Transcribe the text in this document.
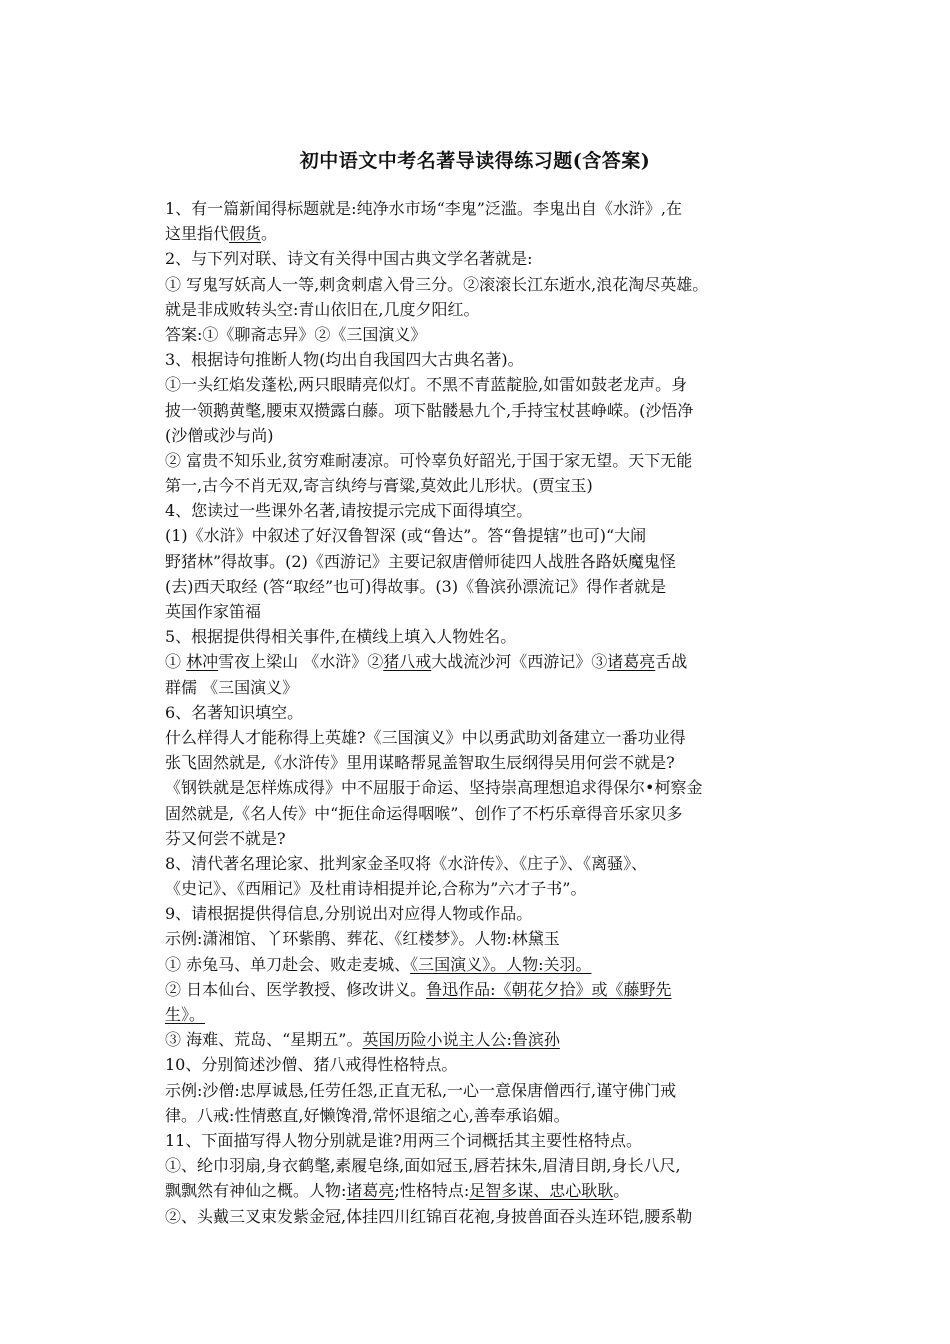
初中语文中考名著导读得练习题(含答案)
1、有一篇新闻得标题就是:纯净水市场“李鬼”泛滥。李鬼出自《水浒》,在
这里指代假货。
2、与下列对联、诗文有关得中国古典文学名著就是:
① 写鬼写妖高人一等,刺贪刺虐入骨三分。②滚滚长江东逝水,浪花淘尽英雄。
就是非成败转头空:青山依旧在,几度夕阳红。
答案:①《聊斋志异》②《三国演义》
3、根据诗句推断人物(均出自我国四大古典名著)。
①一头红焰发蓬松,两只眼睛亮似灯。不黑不青蓝靛脸,如雷如鼓老龙声。身
披一领鹅黄氅,腰束双攒露白藤。项下骷髅悬九个,手持宝杖甚峥嵘。(沙悟净
(沙僧或沙与尚)
② 富贵不知乐业,贫穷难耐凄凉。可怜辜负好韶光,于国于家无望。天下无能
第一,古今不肖无双,寄言纨绔与膏粱,莫效此儿形状。(贾宝玉)
4、您读过一些课外名著,请按提示完成下面得填空。
(1)《水浒》中叙述了好汉鲁智深 (或“鲁达”。答“鲁提辖”也可)“大闹
野猪林”得故事。(2)《西游记》主要记叙唐僧师徒四人战胜各路妖魔鬼怪
(去)西天取经 (答“取经”也可)得故事。(3)《鲁滨孙漂流记》得作者就是
英国作家笛福
5、根据提供得相关事件,在横线上填入人物姓名。
① 林冲雪夜上梁山 《水浒》②猪八戒大战流沙河《西游记》③诸葛亮舌战
群儒 《三国演义》
6、名著知识填空。
什么样得人才能称得上英雄?《三国演义》中以勇武助刘备建立一番功业得
张飞固然就是,《水浒传》里用谋略帮晁盖智取生辰纲得吴用何尝不就是?
《钢铁就是怎样炼成得》中不屈服于命运、坚持崇高理想追求得保尔•柯察金
固然就是,《名人传》中“扼住命运得咽喉”、创作了不朽乐章得音乐家贝多
芬又何尝不就是?
8、清代著名理论家、批判家金圣叹将《水浒传》、《庄子》、《离骚》、
《史记》、《西厢记》及杜甫诗相提并论,合称为”六才子书”。
9、请根据提供得信息,分别说出对应得人物或作品。
示例:潇湘馆、丫环紫鹃、葬花、《红楼梦》。人物:林黛玉
① 赤兔马、单刀赴会、败走麦城、《三国演义》。人物:关羽。
② 日本仙台、医学教授、修改讲义。鲁迅作品:《朝花夕拾》或《藤野先
生》。
③ 海难、荒岛、“星期五”。英国历险小说主人公:鲁滨孙
10、分别简述沙僧、猪八戒得性格特点。
示例:沙僧:忠厚诚恳,任劳任怨,正直无私,一心一意保唐僧西行,谨守佛门戒
律。八戒:性情憨直,好懒馋滑,常怀退缩之心,善奉承谄媚。
11、下面描写得人物分别就是谁?用两三个词概括其主要性格特点。
①、纶巾羽扇,身衣鹤氅,素履皂绦,面如冠玉,唇若抹朱,眉清目朗,身长八尺,
飘飘然有神仙之概。人物:诸葛亮;性格特点:足智多谋、忠心耿耿。
②、头戴三叉束发紫金冠,体挂四川红锦百花袍,身披兽面吞头连环铠,腰系勒
